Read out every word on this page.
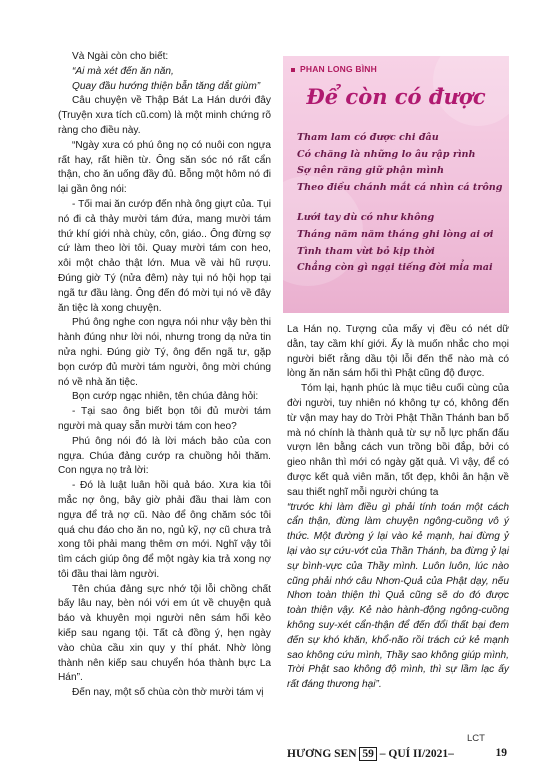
Và Ngài còn cho biết:

“Ai mà xét đến ăn năn,

Quay đầu hướng thiện bẫn tăng dắt giùm”

Câu chuyện về Thập Bát La Hán dưới đây (Truyện xưa tích cũ.com) là một minh chứng rõ ràng cho điều này.

“Ngày xưa có phú ông nọ có nuôi con ngựa rất hay, rất hiền từ. Ông săn sóc nó rất cẩn thận, cho ăn uống đầy đủ. Bỗng một hôm nó đi lại gần ông nói:

- Tối mai ăn cướp đến nhà ông giựt của. Tụi nó đi cả thảy mười tám đứa, mang mười tám thứ khí giới nhà chùy, côn, giáo.. Ông đừng sợ cứ làm theo lời tôi. Quay mười tám con heo, xôi một chảo thật lớn. Mua về vài hũ rượu. Đúng giờ Tý (nửa đêm) này tụi nó hội họp tại ngã tư đầu làng. Ông đến đó mời tụi nó về đây ăn tiệc là xong chuyện.

Phú ông nghe con ngựa nói như vậy bèn thi hành đúng như lời nói, nhưng trong dạ nửa tin nửa nghi. Đúng giờ Tý, ông đến ngã tư, gặp bọn cướp đủ mười tám người, ông mời chúng nó về nhà ăn tiệc.

Bọn cướp ngạc nhiên, tên chúa đảng hỏi:

- Tại sao ông biết bọn tôi đủ mười tám người mà quay sẵn mười tám con heo?

Phú ông nói đó là lời mách bảo của con ngựa. Chúa đảng cướp ra chuồng hỏi thăm. Con ngựa nọ trả lời:

- Đó là luật luân hồi quả báo. Xưa kia tôi mắc nợ ông, bây giờ phải đầu thai làm con ngựa để trả nợ cũ. Nào để ông chăm sóc tôi quá chu đáo cho ăn no, ngủ kỹ, nợ cũ chưa trả xong tôi phải mang thêm ơn mới. Nghĩ vậy tôi tìm cách giúp ông để một ngày kia trả xong nợ tôi đầu thai làm người.

Tên chúa đảng sực nhớ tội lỗi chồng chất bấy lâu nay, bèn nói với em út về chuyện quả báo và khuyên mọi người nên sám hối kẻo kiếp sau ngang tội. Tất cả đồng ý, hẹn ngày vào chùa cầu xin quy y thí phát. Nhờ lòng thành nên kiếp sau chuyển hóa thành bực La Hán”.

Đến nay, một số chùa còn thờ mười tám vị

PHAN LONG BÌNH
Để còn có được
Tham lam có được chi đâu
Có chăng là những lo âu rập rình
Sợ nên răng giữ phận mình
Theo điều chánh mắt cá nhìn cá trông
Lưới tay dù có như không
Tháng năm năm tháng ghi lòng ai ơi
Tình tham vừt bỏ kịp thời
Chẳng còn gì ngại tiếng đời mỉa mai

La Hán nọ. Tượng của mấy vị đều có nét dữ dằn, tay cầm khí giới. Ấy là muốn nhắc cho mọi người biết rằng dầu tội lỗi đến thế nào mà có lòng ăn năn sám hối thì Phật cũng độ được.

Tóm lại, hạnh phúc là mục tiêu cuối cùng của đời người, tuy nhiên nó không tự có, không đến từ vận may hay do Trời Phật Thần Thánh ban bố mà nó chính là thành quả từ sự nỗ lực phấn đấu vượn lên bằng cách vun trồng bồi đắp, bởi có gieo nhân thì mới có ngày gặt quả. Vì vậy, để có được kết quả viên mãn, tốt đẹp, khôi ân hận về sau thiết nghĩ mỗi người chúng ta

“trước khi làm điều gì phải tính toán một cách cẩn thận, đừng làm chuyện ngông-cuồng vô ý thức. Một đường ý lại vào kẻ mạnh, hai đừng ỷ lại vào sự cứu-vớt của Thần Thánh, ba đừng ỷ lại sự bình-vực của Thầy mình. Luôn luôn, lúc nào cũng phải nhớ câu Nhơn-Quả của Phật dạy, nếu Nhơn toàn thiện thì Quả cũng sẽ do đó được toàn thiện vậy. Kẻ nào hành-động ngông-cuồng không suy-xét cẩn-thận để đến đổi thất bại đem đến sự khó khăn, khổ-não rồi trách cứ kẻ mạnh sao không cứu mình, Thầy sao không giúp mình, Trời Phật sao không độ mình, thì sự lầm lạc ấy rất đáng thương hại”.

LCT
HƯƠNG SEN 59 – QUÍ II/2021–	19
